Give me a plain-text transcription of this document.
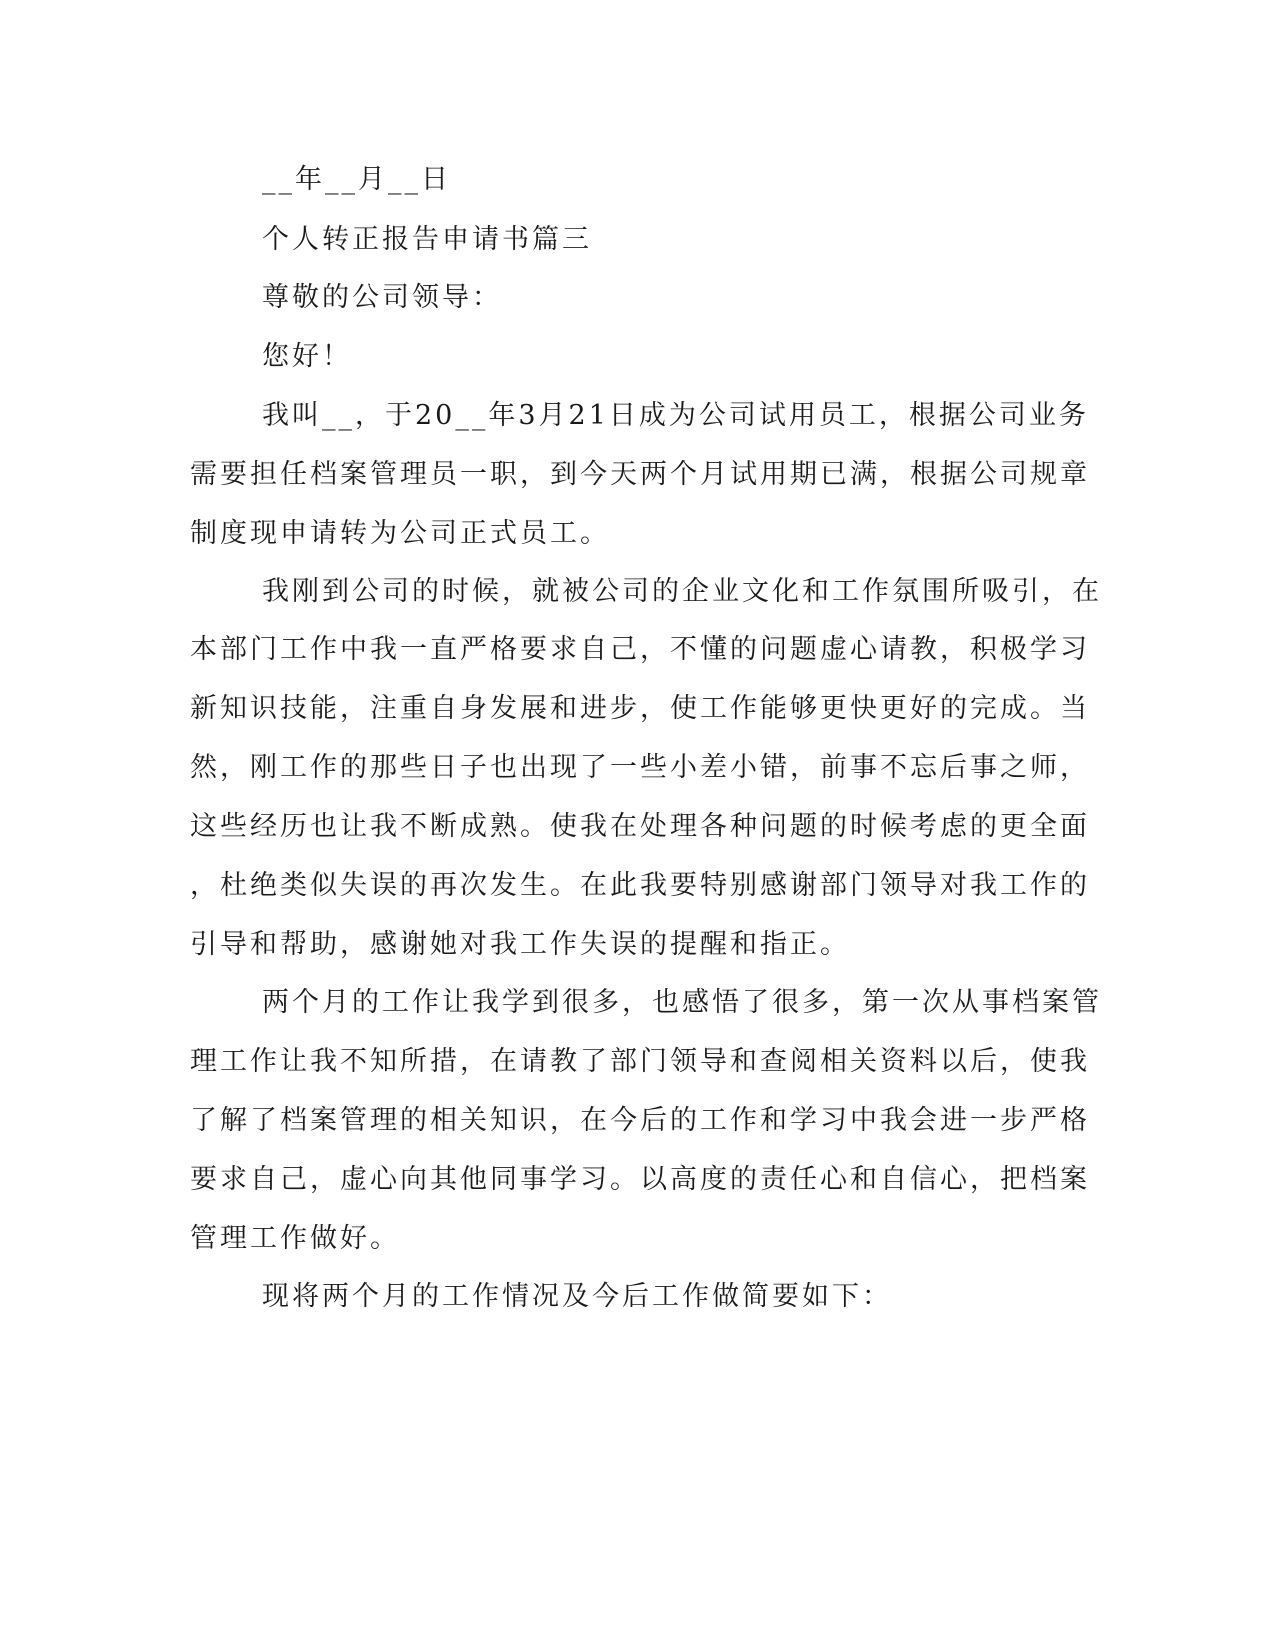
__年__月__日
个人转正报告申请书篇三
尊敬的公司领导：
您好！
我叫__，于20__年3月21日成为公司试用员工，根据公司业务
需要担任档案管理员一职，到今天两个月试用期已满，根据公司规章
制度现申请转为公司正式员工。
我刚到公司的时候，就被公司的企业文化和工作氛围所吸引，在
本部门工作中我一直严格要求自己，不懂的问题虚心请教，积极学习
新知识技能，注重自身发展和进步，使工作能够更快更好的完成。当
然，刚工作的那些日子也出现了一些小差小错，前事不忘后事之师，
这些经历也让我不断成熟。使我在处理各种问题的时候考虑的更全面
，杜绝类似失误的再次发生。在此我要特别感谢部门领导对我工作的
引导和帮助，感谢她对我工作失误的提醒和指正。
两个月的工作让我学到很多，也感悟了很多，第一次从事档案管
理工作让我不知所措，在请教了部门领导和查阅相关资料以后，使我
了解了档案管理的相关知识，在今后的工作和学习中我会进一步严格
要求自己，虚心向其他同事学习。以高度的责任心和自信心，把档案
管理工作做好。
现将两个月的工作情况及今后工作做简要如下：
